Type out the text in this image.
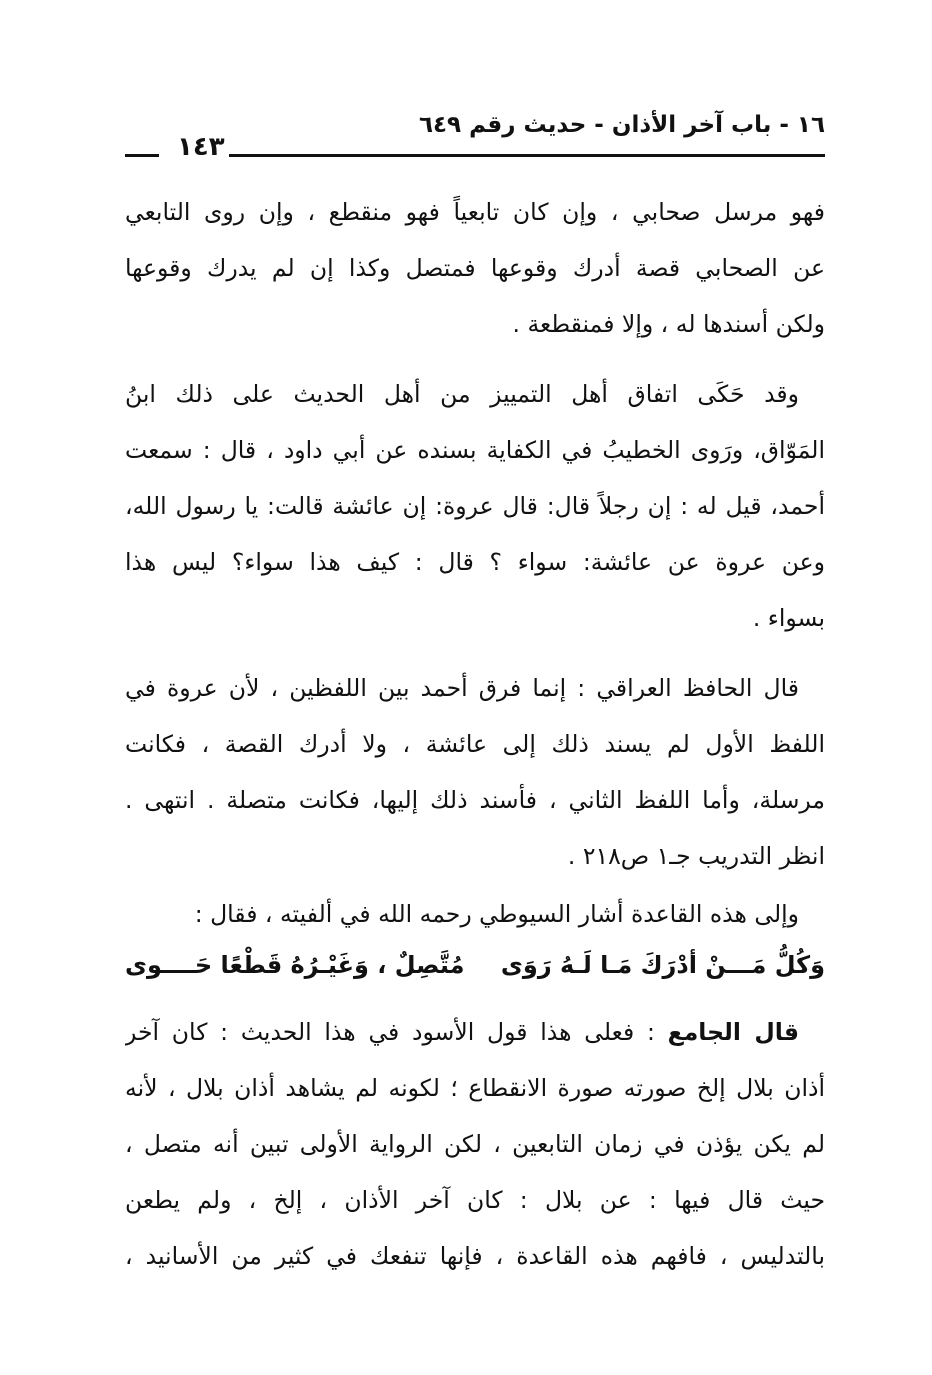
١٦ - باب آخر الأذان - حديث رقم ٦٤٩
١٤٣
فهو مرسل صحابي ، وإن كان تابعياً فهو منقطع ، وإن روى التابعي
عن الصحابي قصة أدرك وقوعها فمتصل وكذا إن لم يدرك وقوعها
ولكن أسندها له ، وإلا فمنقطعة .
وقد حَكَى اتفاق أهل التمييز من أهل الحديث على ذلك ابنُ
المَوّاق، ورَوى الخطيبُ في الكفاية بسنده عن أبي داود ، قال : سمعت
أحمد، قيل له : إن رجلاً قال: قال عروة: إن عائشة قالت: يا رسول الله،
وعن عروة عن عائشة: سواء ؟ قال : كيف هذا سواء؟ ليس هذا
بسواء .
قال الحافظ العراقي : إنما فرق أحمد بين اللفظين ، لأن عروة في
اللفظ الأول لم يسند ذلك إلى عائشة ، ولا أدرك القصة ، فكانت
مرسلة، وأما اللفظ الثاني ، فأسند ذلك إليها، فكانت متصلة . انتهى .
انظر التدريب جـ١ ص٢١٨ .
وإلى هذه القاعدة أشار السيوطي رحمه الله في ألفيته ، فقال :
وَكُلُّ مَـــنْ أدْرَكَ مَـا لَـهُ رَوَى
مُتَّصِلٌ ، وَغَيْـرُهُ قَطْعًا حَــــوى
قال الجامع : فعلى هذا قول الأسود في هذا الحديث : كان آخر
أذان بلال إلخ صورته صورة الانقطاع ؛ لكونه لم يشاهد أذان بلال ، لأنه
لم يكن يؤذن في زمان التابعين ، لكن الرواية الأولى تبين أنه متصل ،
حيث قال فيها : عن بلال : كان آخر الأذان ، إلخ ، ولم يطعن
بالتدليس ، فافهم هذه القاعدة ، فإنها تنفعك في كثير من الأسانيد ،
